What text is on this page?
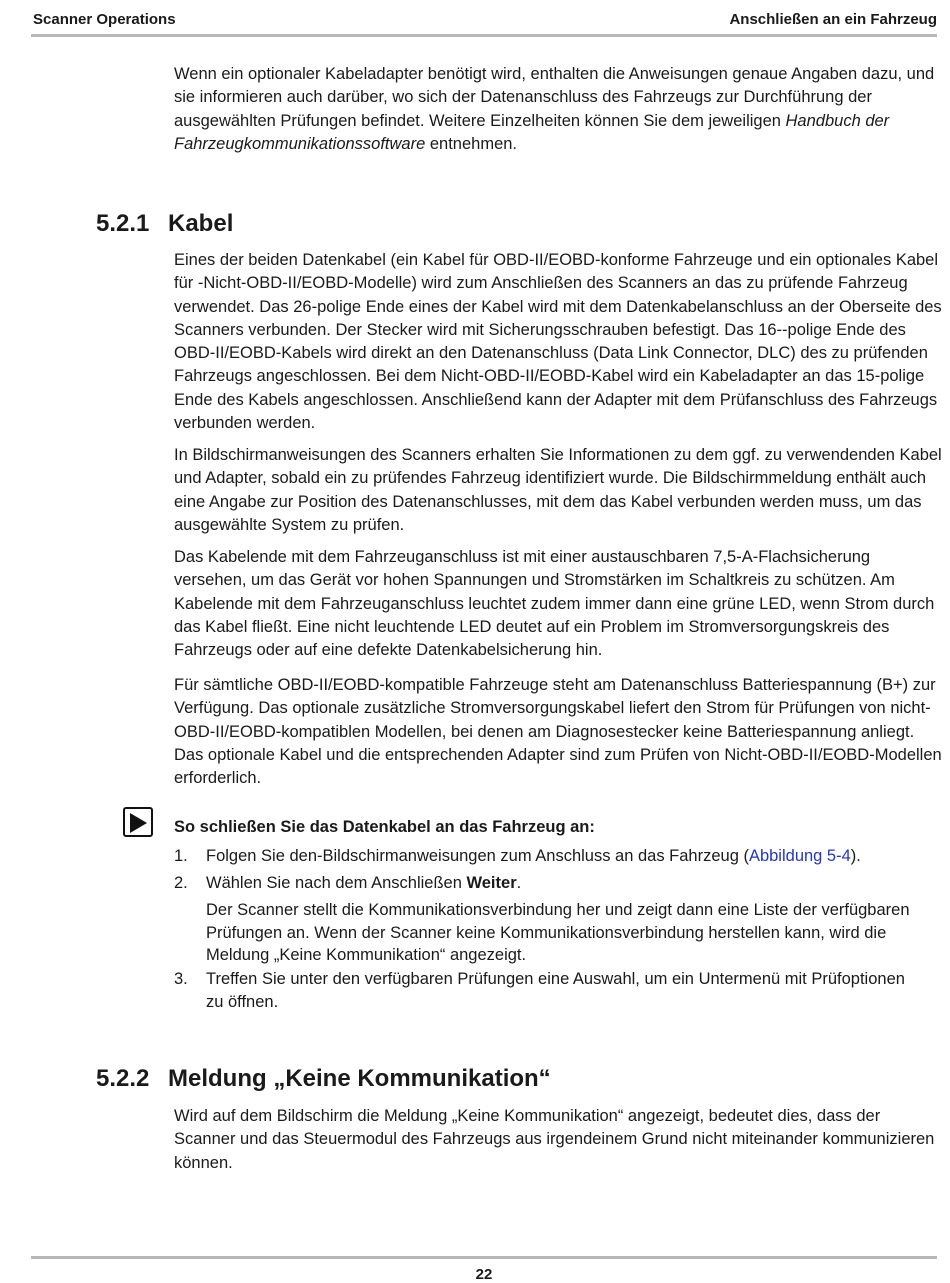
Scanner Operations	Anschließen an ein Fahrzeug

Wenn ein optionaler Kabeladapter benötigt wird, enthalten die Anweisungen genaue Angaben dazu, und sie informieren auch darüber, wo sich der Datenanschluss des Fahrzeugs zur Durchführung der ausgewählten Prüfungen befindet. Weitere Einzelheiten können Sie dem jeweiligen Handbuch der Fahrzeugkommunikationssoftware entnehmen.

5.2.1 Kabel

Eines der beiden Datenkabel (ein Kabel für OBD-II/EOBD-konforme Fahrzeuge und ein optionales Kabel für -Nicht-OBD-II/EOBD-Modelle) wird zum Anschließen des Scanners an das zu prüfende Fahrzeug verwendet. Das 26-polige Ende eines der Kabel wird mit dem Datenkabelanschluss an der Oberseite des Scanners verbunden. Der Stecker wird mit Sicherungsschrauben befestigt. Das 16--polige Ende des OBD-II/EOBD-Kabels wird direkt an den Datenanschluss (Data Link Connector, DLC) des zu prüfenden Fahrzeugs angeschlossen. Bei dem Nicht-OBD-II/EOBD-Kabel wird ein Kabeladapter an das 15-polige Ende des Kabels angeschlossen. Anschließend kann der Adapter mit dem Prüfanschluss des Fahrzeugs verbunden werden.

In Bildschirmanweisungen des Scanners erhalten Sie Informationen zu dem ggf. zu verwendenden Kabel und Adapter, sobald ein zu prüfendes Fahrzeug identifiziert wurde. Die Bildschirmmeldung enthält auch eine Angabe zur Position des Datenanschlusses, mit dem das Kabel verbunden werden muss, um das ausgewählte System zu prüfen.

Das Kabelende mit dem Fahrzeuganschluss ist mit einer austauschbaren 7,5-A-Flachsicherung versehen, um das Gerät vor hohen Spannungen und Stromstärken im Schaltkreis zu schützen. Am Kabelende mit dem Fahrzeuganschluss leuchtet zudem immer dann eine grüne LED, wenn Strom durch das Kabel fließt. Eine nicht leuchtende LED deutet auf ein Problem im Stromversorgungskreis des Fahrzeugs oder auf eine defekte Datenkabelsicherung hin.

Für sämtliche OBD-II/EOBD-kompatible Fahrzeuge steht am Datenanschluss Batteriespannung (B+) zur Verfügung. Das optionale zusätzliche Stromversorgungskabel liefert den Strom für Prüfungen von nicht-OBD-II/EOBD-kompatiblen Modellen, bei denen am Diagnosestecker keine Batteriespannung anliegt. Das optionale Kabel und die entsprechenden Adapter sind zum Prüfen von Nicht-OBD-II/EOBD-Modellen erforderlich.

So schließen Sie das Datenkabel an das Fahrzeug an:
1. Folgen Sie den-Bildschirmanweisungen zum Anschluss an das Fahrzeug (Abbildung 5-4).
2. Wählen Sie nach dem Anschließen Weiter.
Der Scanner stellt die Kommunikationsverbindung her und zeigt dann eine Liste der verfügbaren Prüfungen an. Wenn der Scanner keine Kommunikationsverbindung herstellen kann, wird die Meldung „Keine Kommunikation“ angezeigt.
3. Treffen Sie unter den verfügbaren Prüfungen eine Auswahl, um ein Untermenü mit Prüfoptionen zu öffnen.
5.2.2 Meldung „Keine Kommunikation“

Wird auf dem Bildschirm die Meldung „Keine Kommunikation“ angezeigt, bedeutet dies, dass der Scanner und das Steuermodul des Fahrzeugs aus irgendeinem Grund nicht miteinander kommunizieren können.

22
